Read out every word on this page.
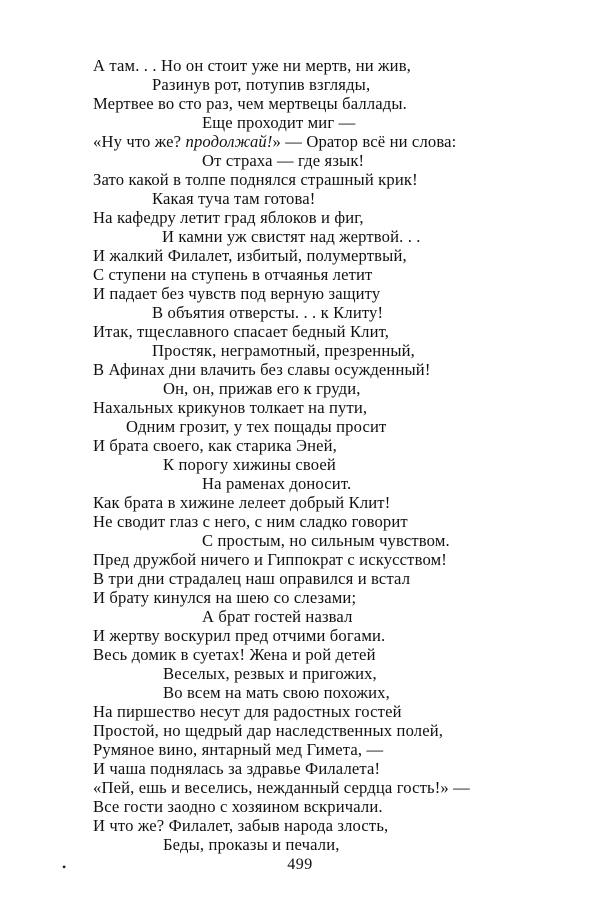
А там. . . Но он стоит уже ни мертв, ни жив,
Разинув рот, потупив взгляды,
Мертвее во сто раз, чем мертвецы баллады.
Еще проходит миг —
«Ну что же? продолжай!» — Оратор всё ни слова:
От страха — где язык!
Зато какой в толпе поднялся страшный крик!
Какая туча там готова!
На кафедру летит град яблоков и фиг,
И камни уж свистят над жертвой. . .
И жалкий Филалет, избитый, полумертвый,
С ступени на ступень в отчаянья летит
И падает без чувств под верную защиту
В объятия отверсты. . . к Клиту!
Итак, тщеславного спасает бедный Клит,
Простяк, неграмотный, презренный,
В Афинах дни влачить без славы осужденный!
Он, он, прижав его к груди,
Нахальных крикунов толкает на пути,
Одним грозит, у тех пощады просит
И брата своего, как старика Эней,
К порогу хижины своей
На раменах доносит.
Как брата в хижине лелеет добрый Клит!
Не сводит глаз с него, с ним сладко говорит
С простым, но сильным чувством.
Пред дружбой ничего и Гиппократ с искусством!
В три дни страдалец наш оправился и встал
И брату кинулся на шею со слезами;
А брат гостей назвал
И жертву воскурил пред отчими богами.
Весь домик в суетах! Жена и рой детей
Веселых, резвых и пригожих,
Во всем на мать свою похожих,
На пиршество несут для радостных гостей
Простой, но щедрый дар наследственных полей,
Румяное вино, янтарный мед Гимета, —
И чаша поднялась за здравье Филалета!
«Пей, ешь и веселись, нежданный сердца гость!» —
Все гости заодно с хозяином вскричали.
И что же? Филалет, забыв народа злость,
Беды, проказы и печали,
•	499
